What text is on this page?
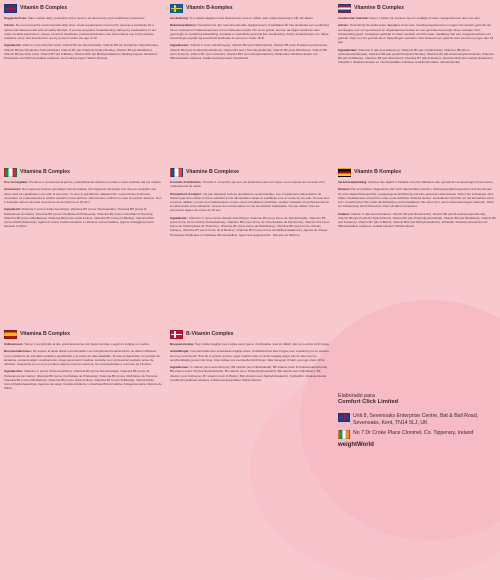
Vitamin B Complex

Suggested Use: Take 1 tablet daily, preferably with a meal or as directed by your healthcare practitioner.

Advice: Do not exceed the recommended daily dose. Food supplements must not be used as a substitute for a varied and balanced diet and a healthy lifestyle. If you are pregnant, breastfeeding, taking any medications or are under medical supervision, please consult a healthcare professional before use. Discontinue use if any adverse reactions occur. Not intended for use by persons under the age of 18.

Ingredients: Vitamin C (as Ascorbic Acid), Vitamin B3 (as Nicotinamide), Vitamin B5 (as D-Calcium Pantothenate), Vitamin B6 (as Pyridoxine Hydrochloride), Vitamin B1 (as Thiamine Hydrochloride), Vitamin B2 (as Riboflavin), Vitamin B9 (as Folic Acid), Vitamin B7 (as D-Biotin), Vitamin B12 (as Methylcobalamin), Bulking Agents: Dicalcium Phosphate and Microcrystalline Cellulose, Anti-Caking Agent: Silicon Dioxide.

Vitamin B-komplex

Användning: Ta 1 tablett dagligen helst tillsammans med en måltid, eller enligt anvisningar från din läkare.

Rekommendation: Överskrid inte den rekommenderade dagliga dosen. Kosttillskott får inte användas som ersättning för en varierad och balanserad kost och en hälsosam livsstil. Om du är gravid, ammar, tar några mediciner eller genomgår en medicinsk behandling, kontakta en sjukvårds-personal före användning. Avbryt användningen om några biverkningar uppstår. Ej avsedd att användas av personer under 18 år.

Ingredienser: Vitamin C (som Askorbinsyra), Vitamin B3 (som Nikotinamid), Vitamin B5 (som D-kalcium-pantotenat), Vitamin B6 (som Pyridoxinhydroklorid), Vitamin B1 (som Tiaminhydroklorid), Vitamin B2 (som Riboflavin), Vitamin B9 (som Folsyra), Vitamin B7 (som D-biotin), Vitamin B12 (som Metylkobalamin), Bulkmedel: Dikalciumfosfat och Mikrokristallin cellulosa, Antiklumpningsmedel: Kiseldioxid.

Vitamine B Complex

Aanbevolen Gebruik: Neem 1 tablet, bij voorkeur bij een maaltijd of zoals voorgeschreven door een arts.

Advies: Overschrijd de aanbevolen dagelijkse dosis niet. Voedingssupplementen mogen niet worden gebruikt als vervanging voor een gevarieerd en uitgebalanceerd dieet en een gezonde levensstijl. Als je zwanger bent, borstvoeding geeft, medicijnen gebruikt of onder medisch toezicht staat, raadpleeg dan een zorgprofessional voor gebruik. Stop met het gebruik als er bijwerkingen optreden. Niet bedoeld voor gebruik door personen jonger dan 18 jaar.

Ingrediënten: Vitamine C (als ascorbinezuur), Vitamine B3 (als nicotinamide), Vitamine B5 (als D-calciumpantothenaat), Vitamine B6 (als pyridoxinehydrochloride), Vitamine B1 (als thiaminehydrochloride), Vitamine B2 (als riboflavine), Vitamine B9 (als foliumzuur), Vitamine B7 (als D-biotine), Vitamine B12 (als methylcobalamine), Vulstoffen: dicalciumfosfaat en microkristallijne cellulose, Antiklontermiddel: siliciumdioxide.

Vitamina B Complex

Uso Consigliato: Prendere 1 compressa al giorno, preferibilmente durante un pasto o come indicato dal tuo medico.

Avvertenze: Non superare la dose giornaliera raccomandata. Gli integratori alimentari non devono sostituire una dieta varia ed equilibrata e uno stile di vita sano. In caso di gravidanza, allattamento o assunzione di farmaci, consultare un professionista in ambito sanitario prima dell'uso. Interrompere l'utilizzo in caso di reazioni avverse. Non è destinato all'uso da parte di persone di età inferiore ai 18 anni.

Ingredienti: Vitamina C (come Acido Ascorbico), Vitamina B3 (come Nicotinamide), Vitamina B5 (come D-Pantotenato di Calcio), Vitamina B6 (come Cloridrato di Piridossina), Vitamina B1 (come Cloridrato di Tiamina), Vitamina B2 (come Riboflavina), Vitamina B9 (come Acido Folico), Vitamina B7 (come D-Biotina), Vitamina B12 (come Metilcobalamina), Agenti di carica: fosfato bicalcico e cellulosa microcristallina, Agente antiagglomerante: biossido di silicio.

Vitamine B Complexe

Conseils d'utilisation : Prendre 1 comprimé par jour, de préférence avec un repas ou en suivant les conseils d'un professionnel de santé.

Précautions d'emploi : Ne pas dépasser la dose quotidienne recommandée. Les compléments alimentaires ne doivent pas être utilisés comme substitut à une alimentation variée et équilibrée et à un mode de vie sain. Si vous êtes enceinte, allaitez, prenez des médicaments ou êtes sous surveillance médicale, veuillez consulter un professionnel de la santé avant toute utilisation. Cesser la consommation en cas de réaction indésirable. Ne pas utiliser chez les personnes âgées de moins de 18 ans.

Ingrédients : Vitamine C (sous forme d'Acide Ascorbique), Vitamine B3 (sous forme de Nicotinamide), Vitamine B5 (sous forme de D-Calcium Pantothénate), Vitamine B6 (sous forme de Chlorhydrate de Pyridoxine), Vitamine B1 (sous forme de Chlorhydrate de Thiamine), Vitamine B2 (sous forme de Riboflavine), Vitamine B9 (sous forme d'Acide Folique), Vitamine B7 (sous forme de D-Biotine), Vitamine B12 (sous forme de Méthylcobalamine), Agents de charge : Phosphate Dicalcique et Cellulose Microcristalline, agent anti-agglomérant : Dioxyde de Silicium.

Vitamin B Komplex

Verzehrempfehlung: Nehmen Sie täglich 1 Tablette mit einer Mahlzeit oder gemäß den Anweisungen Ihres Arztes.

Hinweis: Die empfohlene Tagesdosis darf nicht überschritten werden. Nahrungsergänzungsmittel sind kein Ersatz für eine abwechslungsreiche, ausgewogene Ernährung und eine gesunde Lebensweise. Wenn Sie schwanger sind, stillen, Medikamente einnehmen oder unter ärztlicher Aufsicht stehen, konsultieren Sie bitte vor der Einnahme einen Arzt. Unterbrechen Sie sofort die Einnahme und konsultieren Sie einen Arzt, wenn Nebenwirkungen auftreten. Nicht zur Anwendung durch Personen unter 18 Jahren bestimmt.

Zutaten: Vitamin C (als Ascorbinsäure), Vitamin B3 (als Nicotinamid), Vitamin B5 (als D-Calciumpantothenat), Vitamin B6 (als Pyridoxin Hydrochlorid), Vitamin B1 (als Thiaminhydrochlorid), Vitamin B2 (als Riboflavin), Vitamin B9 (als Folsäure), Vitamin B7 (als D-Biotin), Vitamin B12 (als Methylcobalamin), Füllstoffe: Dicalciumphosphat und Mikrokristalline Cellulose, Antiklumpmittel: Siliziumdioxid.

Vitamina B Complex

Indicaciones: Tomar 1 comprimido al día, preferentemente con algún comida o según lo indique su médico.

Recomendaciones: No supere la dosis diaria recomendada. Los complementos alimenticios no deben utilizarse como sustitutos de una dieta variada y equilibrada y un estilo de vida saludable. Si está embarazada, en periodo de lactancia, tomando algún medicamento o bajo supervisión médica, consulte a un profesional sanitario antes de utilizarlo. Suspenda su uso si se produce alguna reacción adversa. No está destinado a menores de 18 años.

Ingredientes: Vitamina C (como Ácido Ascórbico), Vitamina B3 (como Nicotinamida), Vitamina B5 (como D-Pantotenato de Calcio), Vitamina B6 (como Clorhidrato de Piridoxina), Vitamina B1 (como Clorhidrato de Tiamina), Vitamina B2 (como Riboflavina), Vitamina B9 (como Ácido Fólico), Vitamina B7 (como D-Biotina), Vitamina B12 (como Metilcobalamina), Agentes de carga: Fosfato Dicálcico y Celulosa Microcristalina, Antiaglomerante: Dióxido de Silicio.

B-Vitamin Complex

Brugsanvisning: Tag 1 tablet dagligt med et glas vand, gerne i forbindelse med et måltid, eller som anvist af din læge.

Anbefalinger: Overskrid ikke den anbefalede daglige dosis. Kosttilskud bør ikke bruges som erstatning for en varieret kost og sund livsstil. Hvis du er gravid, ammer, tager medicin eller er under lægelig opsyn bør du tale med en sundhedsfaglig person før brug. Stop indtag ved eventuelle bivirkninger. Ikke beregnet til børn og unge under 18 år.

Ingredienser: C-vitamin (som ascorbinsyre), B3-vitamin (som Nikotinamid), B5-vitamin (som D-Calciumpantothenat), B6-vitamin (som Pyridoxinhydrochlorid), B1-vitamin (som Thiaminhydrochlorid), B2-vitamin (som Riboflavin), B9-vitamin (som Folinsyre), B7-vitamin (som D-Biotin), B12-vitamin (som Methylcobalamin), Fyldstoffer: Dicalciumfosfat og Mikrokrystallinsk cellulose, Antiklumpningsmiddel: Siliciumdioxid.

Elaborado para
Comfort Click Limited
Unit 8, Sevenoaks Enterprise Centre, Bat & Ball Road, Sevenoaks, Kent, TN14 5LJ, UK
No 7 Dr Croke Place Clonmel, Co. Tipperary, Ireland
weightWorld
